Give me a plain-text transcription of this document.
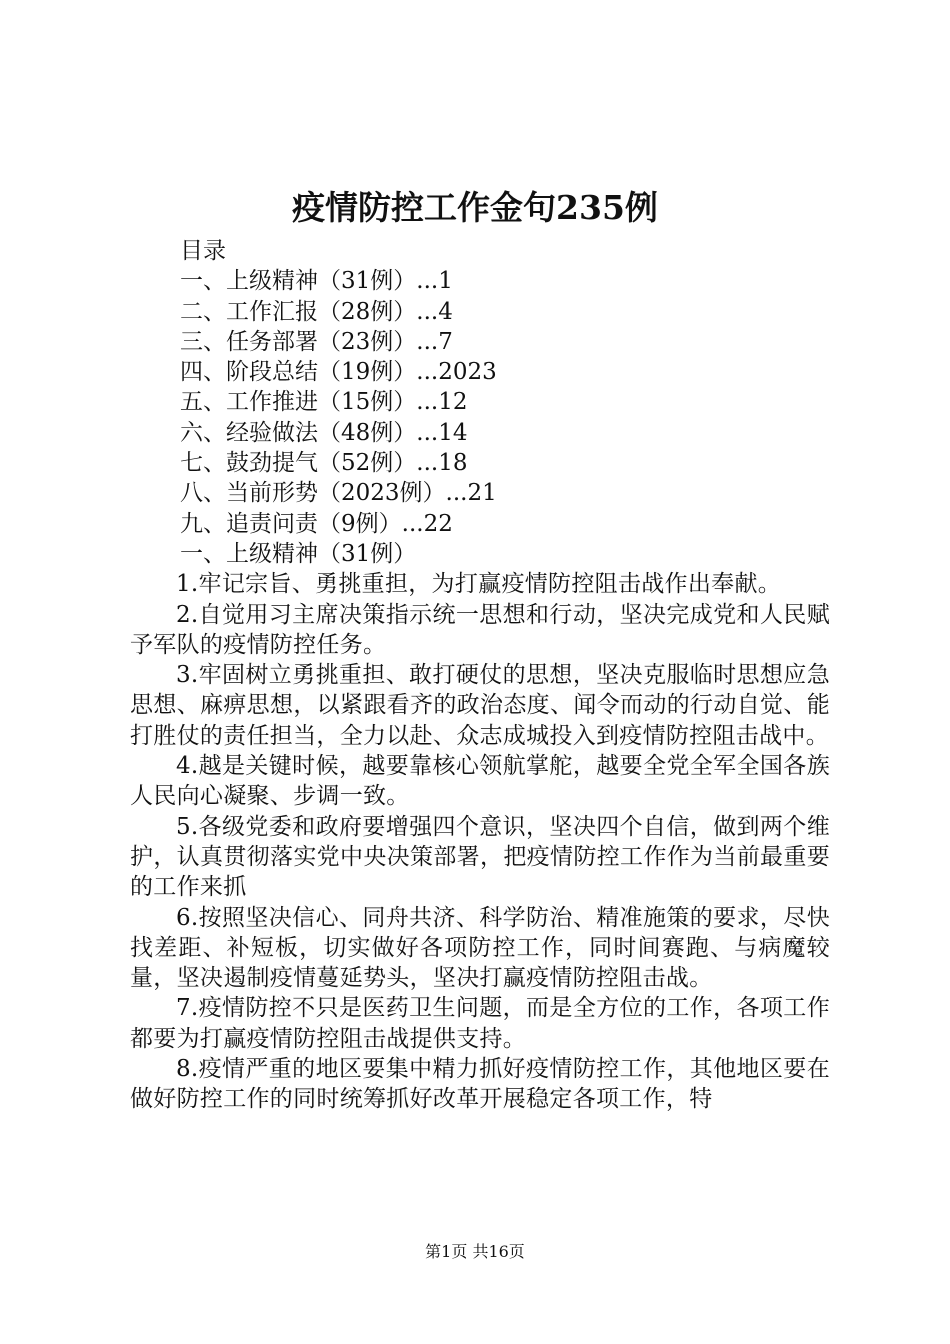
疫情防控工作金句235例
目录
一、上级精神（31例）...1
二、工作汇报（28例）...4
三、任务部署（23例）...7
四、阶段总结（19例）...2023
五、工作推进（15例）...12
六、经验做法（48例）...14
七、鼓劲提气（52例）...18
八、当前形势（2023例）...21
九、追责问责（9例）...22
一、上级精神（31例）

1.牢记宗旨、勇挑重担，为打赢疫情防控阻击战作出奉献。

2.自觉用习主席决策指示统一思想和行动，坚决完成党和人民赋予军队的疫情防控任务。

3.牢固树立勇挑重担、敢打硬仗的思想，坚决克服临时思想应急思想、麻痹思想，以紧跟看齐的政治态度、闻令而动的行动自觉、能打胜仗的责任担当，全力以赴、众志成城投入到疫情防控阻击战中。

4.越是关键时候，越要靠核心领航掌舵，越要全党全军全国各族人民向心凝聚、步调一致。

5.各级党委和政府要增强四个意识，坚决四个自信，做到两个维护，认真贯彻落实党中央决策部署，把疫情防控工作作为当前最重要的工作来抓

6.按照坚决信心、同舟共济、科学防治、精准施策的要求，尽快找差距、补短板，切实做好各项防控工作，同时间赛跑、与病魔较量，坚决遏制疫情蔓延势头，坚决打赢疫情防控阻击战。

7.疫情防控不只是医药卫生问题，而是全方位的工作，各项工作都要为打赢疫情防控阻击战提供支持。

8.疫情严重的地区要集中精力抓好疫情防控工作，其他地区要在做好防控工作的同时统筹抓好改革开展稳定各项工作，特

第1页 共16页
